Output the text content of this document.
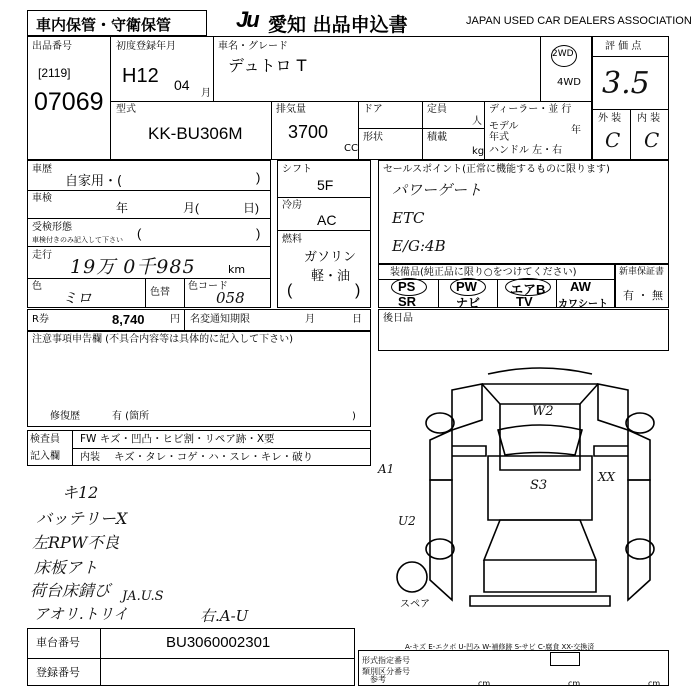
車内保管・守衛保管	Ju 愛知 出品申込書	JAPAN USED CAR DEALERS ASSOCIATION
出品番号
[2119]
07069
初度登録年月
H12 04
月
車名・グレード
デュトロ T
2WD
4WD
評 価 点
3.5
外 装 内 装
C C
型式
KK-BU306M
排気量
3700
CC
ドア
形状
定員
人
積載
kg
ディーラー・並 行
モデル 年式
年
ハンドル 左・右
車歴
自家用・(	)
車検
年	月(	日)
受検形態
車検付きのみ記入して下さい (	)
走行
19万 0千985	km
色
ミロ	色替
色コード
058
シフト
5F
冷房
AC
燃料
ガソリン
軽・油
(	)
セールスポイント(正常に機能するものに限ります)
パワーゲート
ETC
E/G:4B
装備品(純正品に限り○をつけてください)
PS	PW	エアB AW
SR	ナビ	TV	カワシート
新車保証書
有 ・ 無
R券	8,740	円 名変通知期限	月	日
注意事項申告欄 (不具合内容等は具体的に記入して下さい)
修復歴	有 (箇所	)
後日品
検査員
記入欄
FW キズ・凹凸・ヒビ割・リペア跡・X要
内装 キズ・タレ・コゲ・ハ・スレ・キレ・破り
キ12
バッテリーX
左RPW不良
床板アト
荷台床錆び JA.U.S
アオリ.トリイ	右.A-U
W2
S3
XX
A1
U2
スペア
A-キズ E-エクボ U-凹み W-補修跡 S-サビ C-腐食 XX-交換済
車台番号	BU3060002301
登録番号
形式指定番号 類別区分番号
参考	cm	cm	cm
